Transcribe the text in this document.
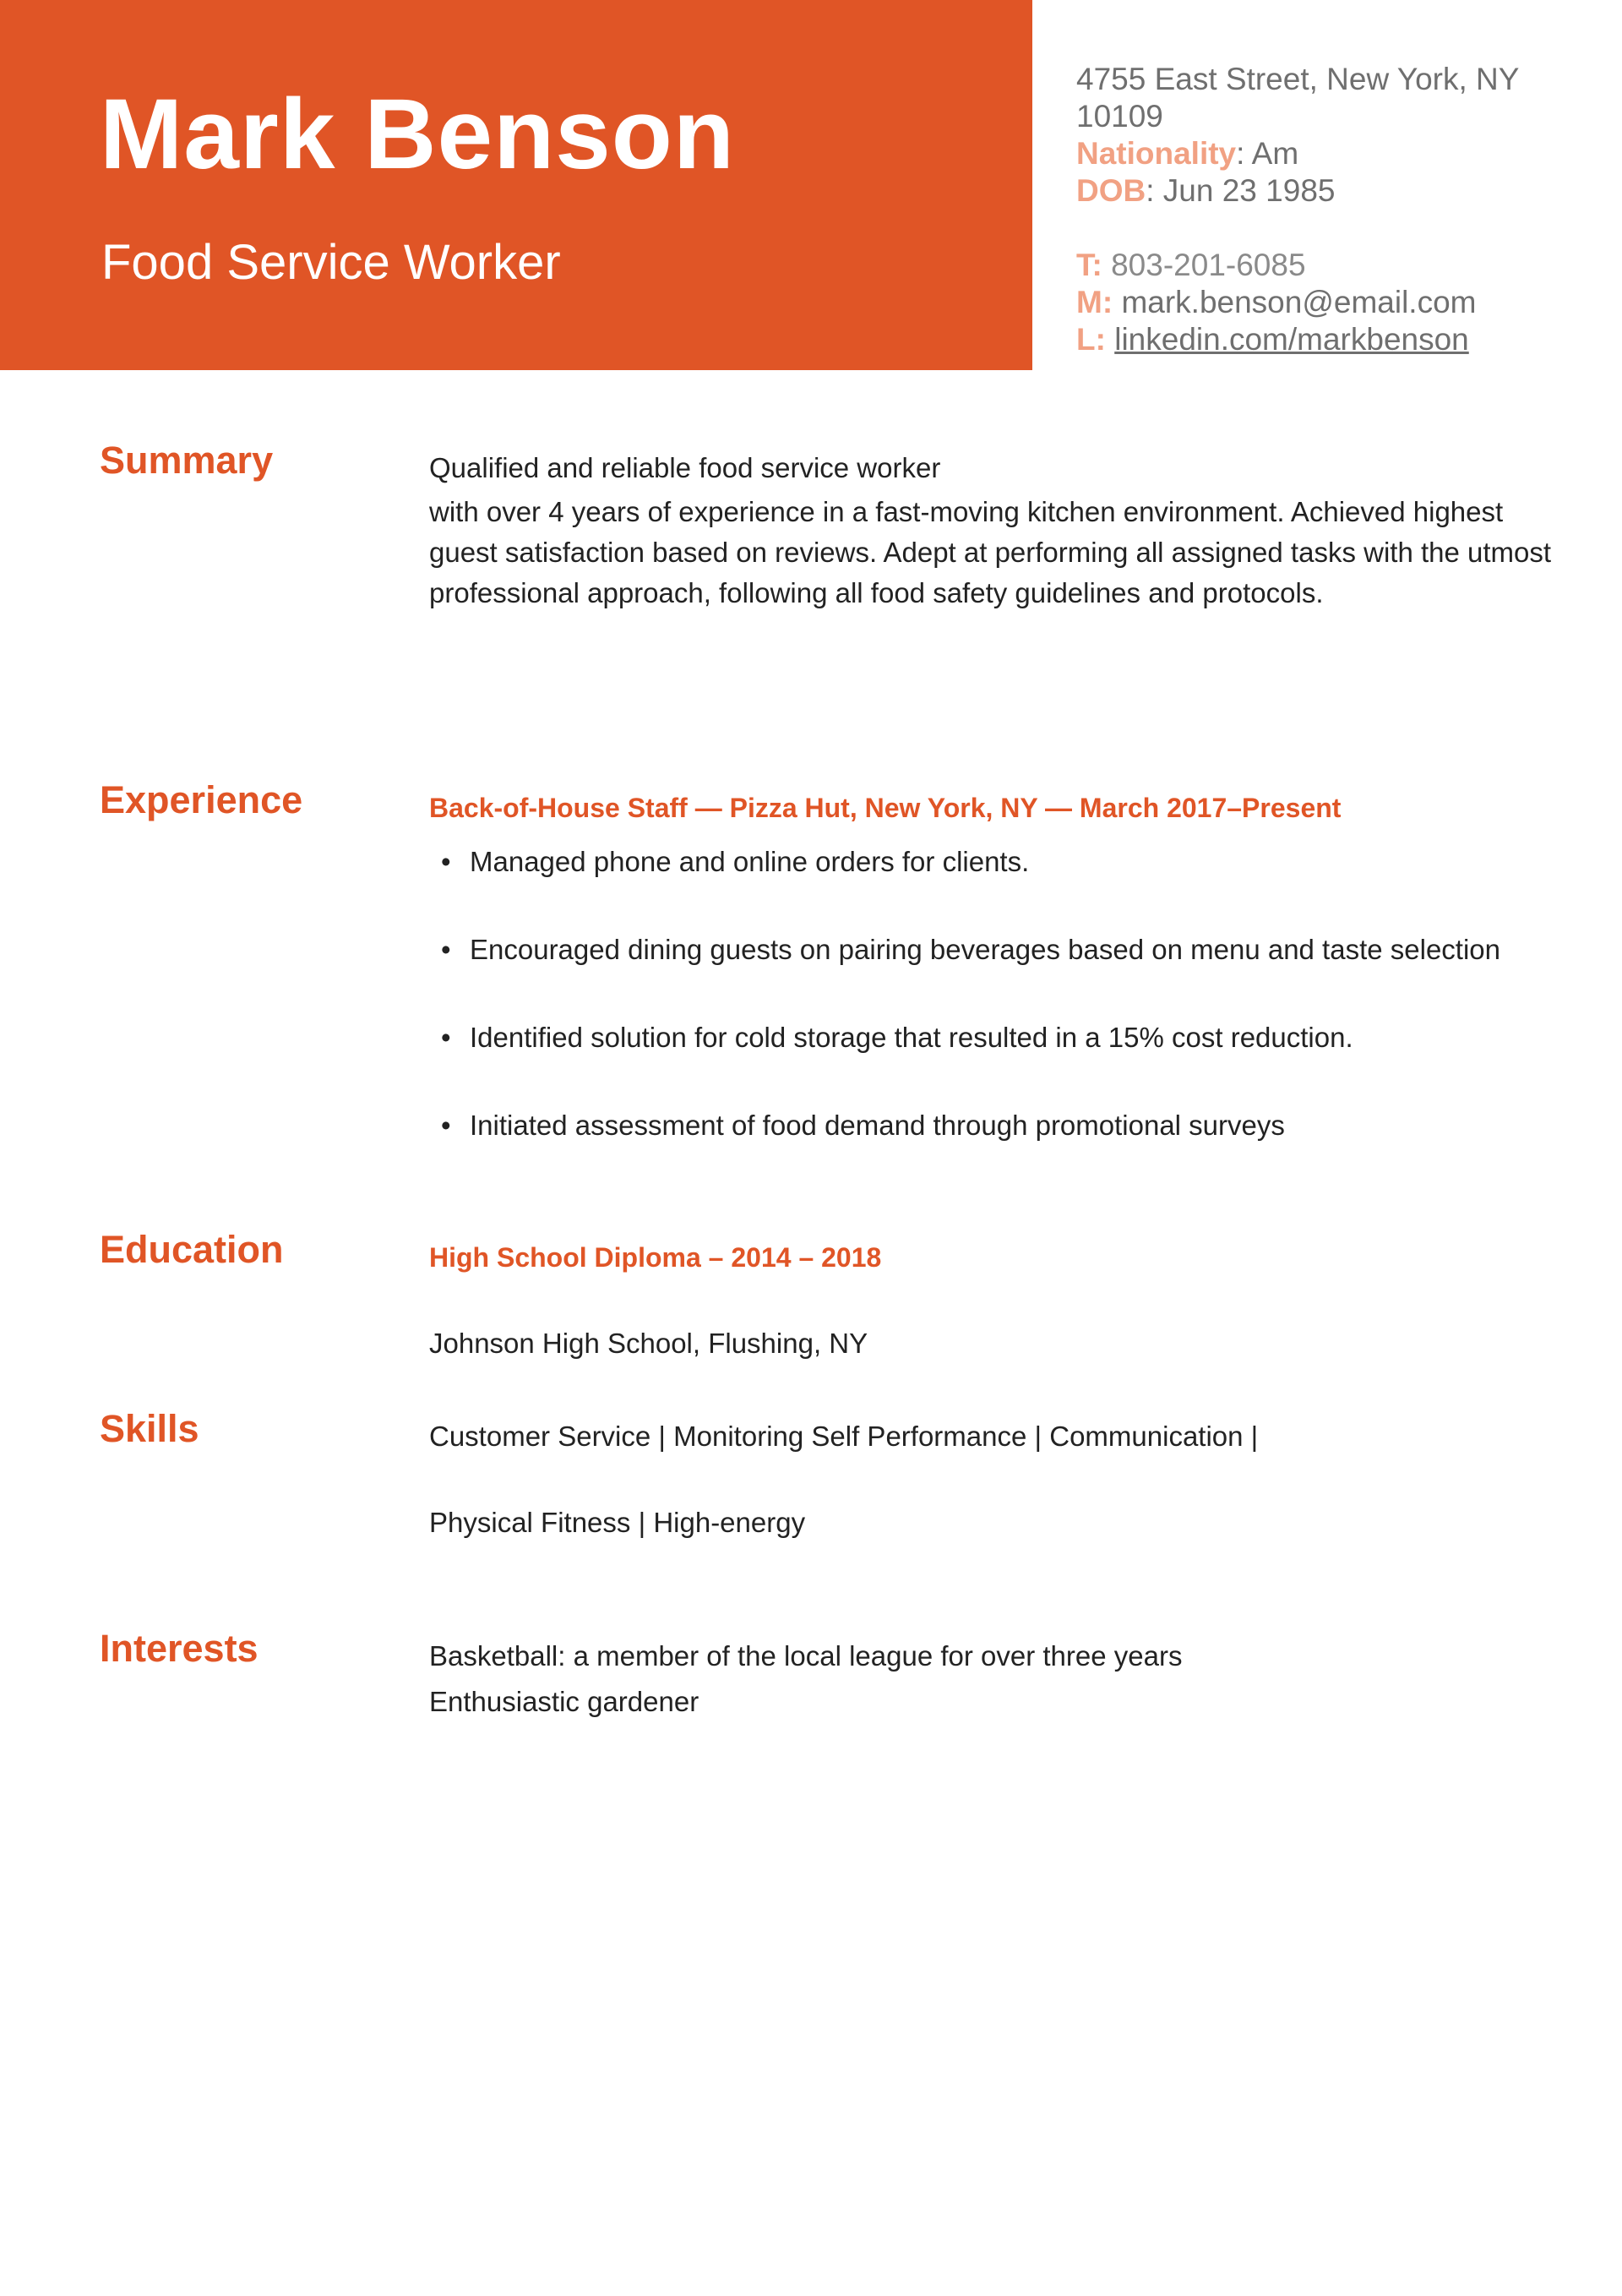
Mark Benson
Food Service Worker
4755 East Street, New York, NY
10109
Nationality: Am
DOB: Jun 23 1985
T: 803-201-6085
M: mark.benson@email.com
L: linkedin.com/markbenson
Summary	Qualified and reliable food service worker
with over 4 years of experience in a fast-moving kitchen environment. Achieved highest guest satisfaction based on reviews. Adept at performing all assigned tasks with the utmost professional approach, following all food safety guidelines and protocols.
Experience	Back-of-House Staff — Pizza Hut, New York, NY — March 2017–Present
• Managed phone and online orders for clients.
• Encouraged dining guests on pairing beverages based on menu and taste selection
• Identified solution for cold storage that resulted in a 15% cost reduction.
• Initiated assessment of food demand through promotional surveys
Education	High School Diploma – 2014 – 2018
Johnson High School, Flushing, NY
Skills	Customer Service | Monitoring Self Performance | Communication |
Physical Fitness | High-energy
Interests	Basketball: a member of the local league for over three years
Enthusiastic gardener
